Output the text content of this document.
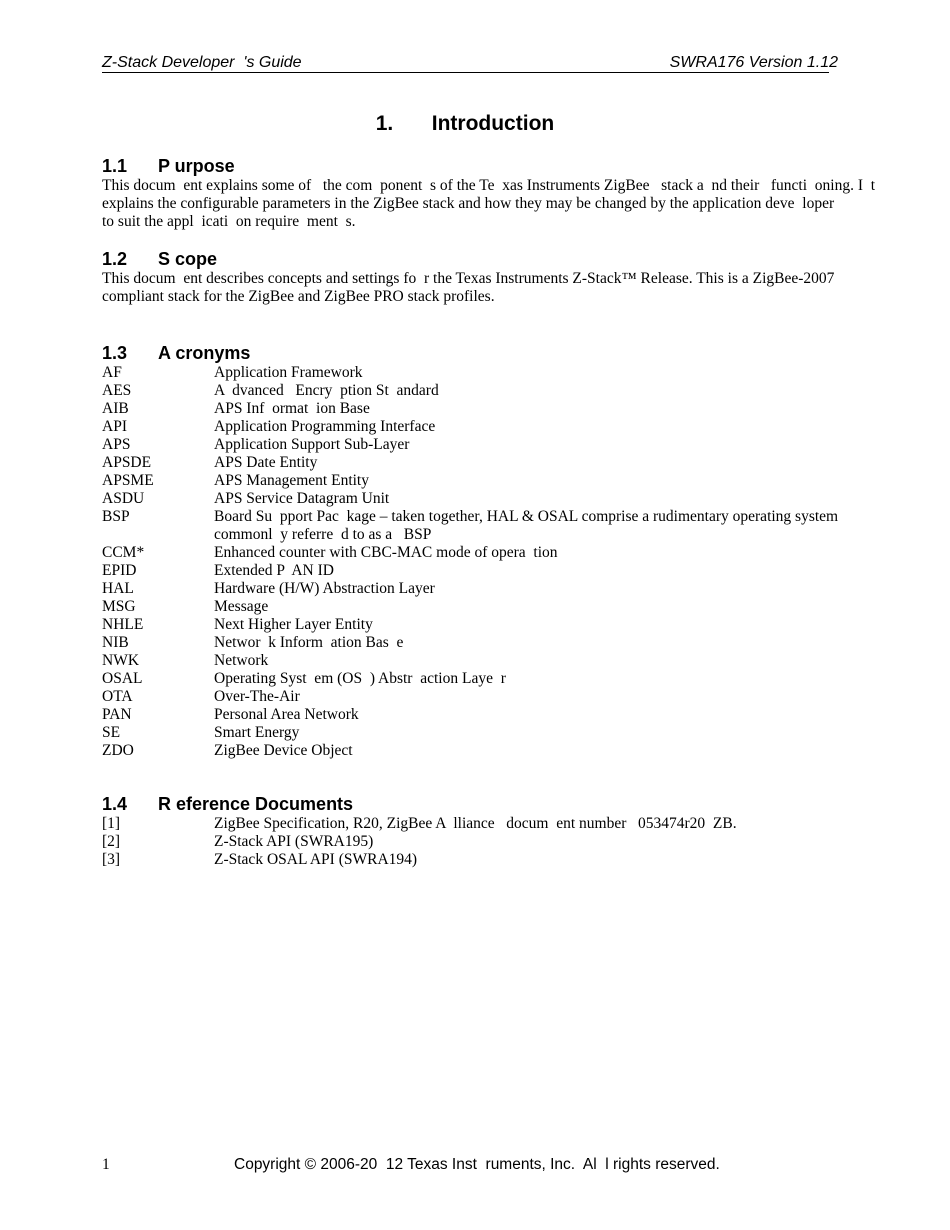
Z-Stack Developer  's Guide

	SWRA176 Version 1.12

1. Introduction
1.1 P urpose
This docum  ent explains some of   the com  ponent  s of the Te  xas Instruments ZigBee   stack a  nd their   functi  oning. I  t
explains the configurable parameters in the ZigBee stack and how they may be changed by the application deve  loper
to suit the appl  icati  on require  ment  s.
1.2 S cope
This docum  ent describes concepts and settings fo  r the Texas Instruments Z-Stack™ Release. This is a ZigBee-2007
compliant stack for the ZigBee and ZigBee PRO stack profiles.
1.3 A cronyms
AF	Application Framework
AES	A  dvanced   Encry  ption St  andard
AIB	APS Inf  ormat  ion Base
API	Application Programming Interface
APS	Application Support Sub-Layer
APSDE	APS Date Entity
APSME	APS Management Entity
ASDU	APS Service Datagram Unit
BSP	Board Su  pport Pac  kage – taken together, HAL & OSAL comprise a rudimentary operating system
commonl  y referre  d to as a   BSP
CCM*	Enhanced counter with CBC-MAC mode of opera  tion
EPID	Extended P  AN ID
HAL	Hardware (H/W) Abstraction Layer
MSG	Message
NHLE	Next Higher Layer Entity
NIB	Networ  k Inform  ation Bas  e
NWK	Network
OSAL	Operating Syst  em (OS  ) Abstr  action Laye  r
OTA	Over-The-Air
PAN	Personal Area Network
SE	Smart Energy
ZDO	ZigBee Device Object
1.4 R eference Documents
[1]	ZigBee Specification, R20, ZigBee A  lliance   docum  ent number   053474r20  ZB.
[2]	Z-Stack API (SWRA195)
[3]	Z-Stack OSAL API (SWRA194)

1

	Copyright © 2006-20  12 Texas Inst  ruments, Inc.  Al  l rights reserved.
